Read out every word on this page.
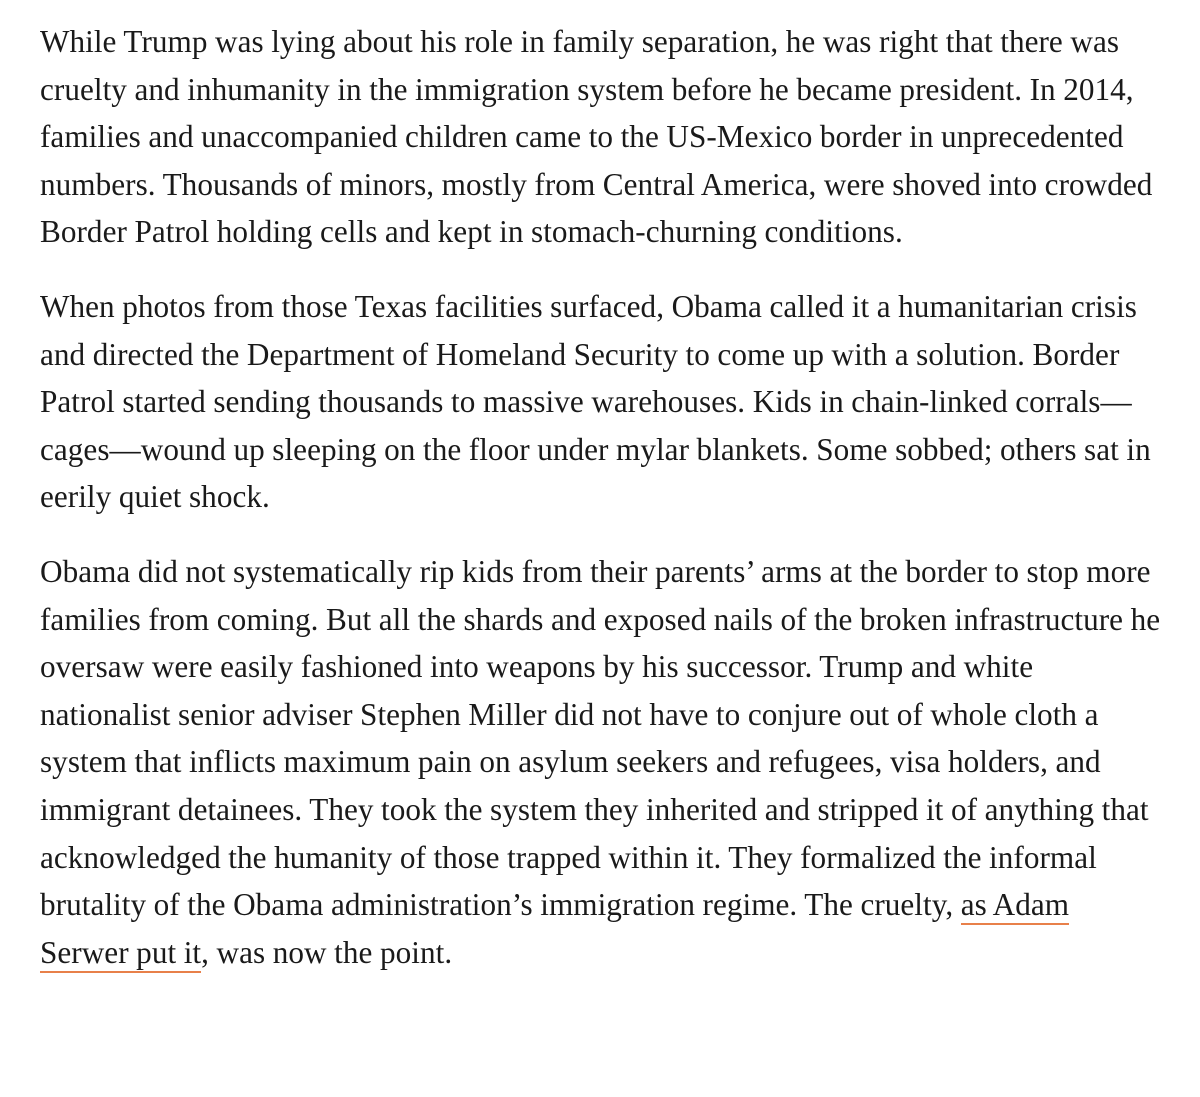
While Trump was lying about his role in family separation, he was right that there was cruelty and inhumanity in the immigration system before he became president. In 2014, families and unaccompanied children came to the US-Mexico border in unprecedented numbers. Thousands of minors, mostly from Central America, were shoved into crowded Border Patrol holding cells and kept in stomach-churning conditions.

When photos from those Texas facilities surfaced, Obama called it a humanitarian crisis and directed the Department of Homeland Security to come up with a solution. Border Patrol started sending thousands to massive warehouses. Kids in chain-linked corrals—cages—wound up sleeping on the floor under mylar blankets. Some sobbed; others sat in eerily quiet shock.

Obama did not systematically rip kids from their parents’ arms at the border to stop more families from coming. But all the shards and exposed nails of the broken infrastructure he oversaw were easily fashioned into weapons by his successor. Trump and white nationalist senior adviser Stephen Miller did not have to conjure out of whole cloth a system that inflicts maximum pain on asylum seekers and refugees, visa holders, and immigrant detainees. They took the system they inherited and stripped it of anything that acknowledged the humanity of those trapped within it. They formalized the informal brutality of the Obama administration’s immigration regime. The cruelty, as Adam Serwer put it, was now the point.
